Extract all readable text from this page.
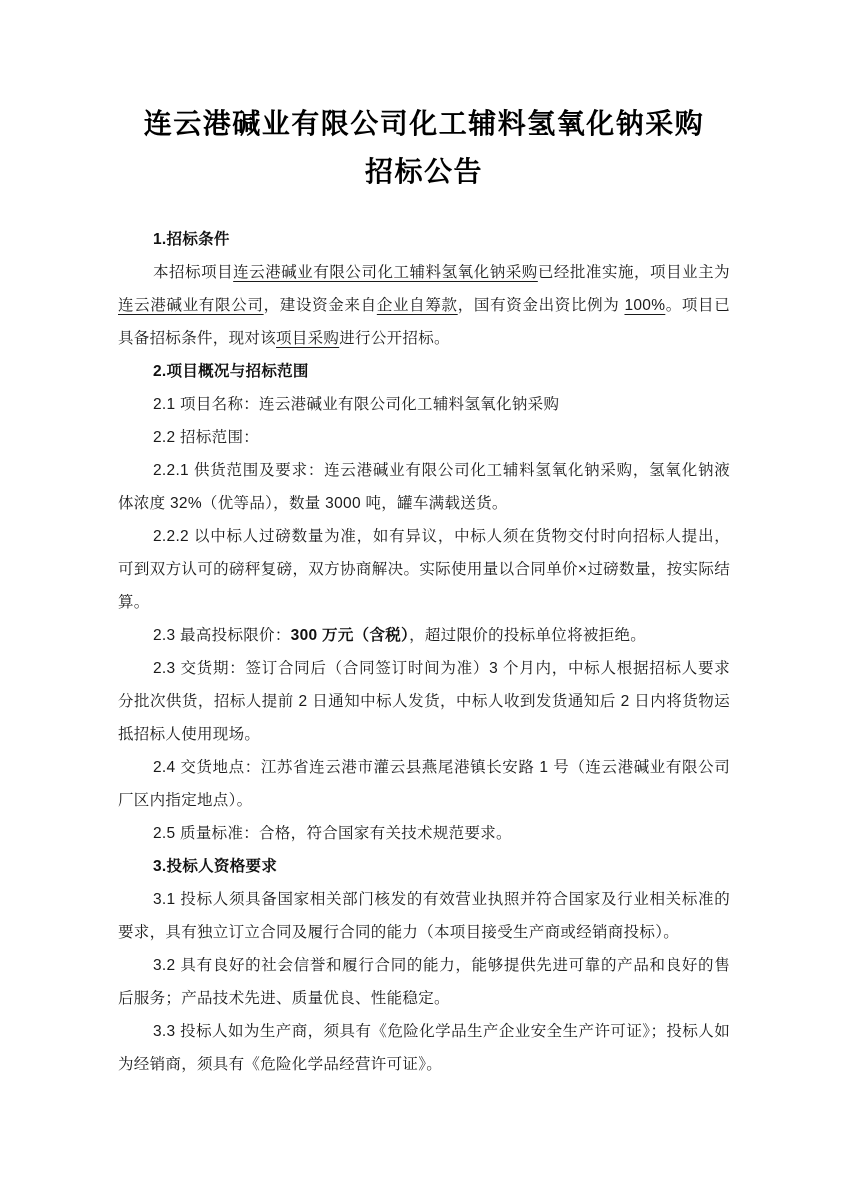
连云港碱业有限公司化工辅料氢氧化钠采购
招标公告

1.招标条件

本招标项目连云港碱业有限公司化工辅料氢氧化钠采购已经批准实施，项目业主为连云港碱业有限公司，建设资金来自企业自筹款，国有资金出资比例为 100%。项目已具备招标条件，现对该项目采购进行公开招标。

2.项目概况与招标范围

2.1 项目名称：连云港碱业有限公司化工辅料氢氧化钠采购

2.2 招标范围：

2.2.1 供货范围及要求：连云港碱业有限公司化工辅料氢氧化钠采购，氢氧化钠液体浓度 32%（优等品），数量 3000 吨，罐车满载送货。

2.2.2 以中标人过磅数量为准，如有异议，中标人须在货物交付时向招标人提出，可到双方认可的磅秤复磅，双方协商解决。实际使用量以合同单价×过磅数量，按实际结算。

2.3 最高投标限价：300 万元（含税），超过限价的投标单位将被拒绝。

2.3 交货期：签订合同后（合同签订时间为准）3 个月内，中标人根据招标人要求分批次供货，招标人提前 2 日通知中标人发货，中标人收到发货通知后 2 日内将货物运抵招标人使用现场。

2.4 交货地点：江苏省连云港市灌云县燕尾港镇长安路 1 号（连云港碱业有限公司厂区内指定地点）。

2.5 质量标准：合格，符合国家有关技术规范要求。

3.投标人资格要求

3.1 投标人须具备国家相关部门核发的有效营业执照并符合国家及行业相关标准的要求，具有独立订立合同及履行合同的能力（本项目接受生产商或经销商投标）。

3.2 具有良好的社会信誉和履行合同的能力，能够提供先进可靠的产品和良好的售后服务；产品技术先进、质量优良、性能稳定。

3.3 投标人如为生产商，须具有《危险化学品生产企业安全生产许可证》；投标人如为经销商，须具有《危险化学品经营许可证》。
